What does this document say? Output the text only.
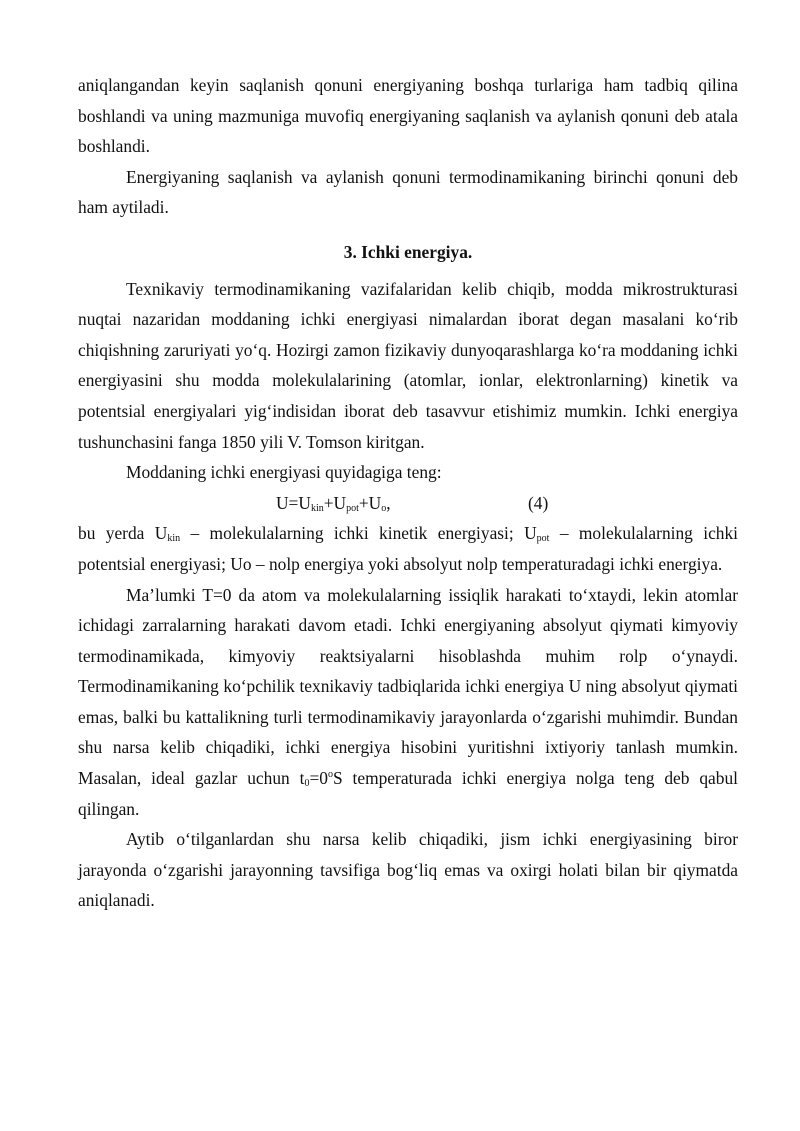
aniqlangandan keyin saqlanish qonuni energiyaning boshqa turlariga ham tadbiq qilina boshlandi va uning mazmuniga muvofiq energiyaning saqlanish va aylanish qonuni deb atala boshlandi.

Energiyaning saqlanish va aylanish qonuni termodinamikaning birinchi qonuni deb ham aytiladi.

3. Ichki energiya.

Texnikaviy termodinamikaning vazifalaridan kelib chiqib, modda mikrostrukturasi nuqtai nazaridan moddaning ichki energiyasi nimalardan iborat degan masalani ko‘rib chiqishning zaruriyati yo‘q. Hozirgi zamon fizikaviy dunyoqarashlarga ko‘ra moddaning ichki energiyasini shu modda molekulalarining (atomlar, ionlar, elektronlarning) kinetik va potentsial energiyalari yig‘indisidan iborat deb tasavvur etishimiz mumkin. Ichki energiya tushunchasini fanga 1850 yili V. Tomson kiritgan.

Moddaning ichki energiyasi quyidagiga teng:

$U=U_{kin}+U_{pot}+U_o$,	(4)

bu yerda $U_{kin}$ – molekulalarning ichki kinetik energiyasi; $U_{pot}$ – molekulalarning ichki potentsial energiyasi; Uo – nolp energiya yoki absolyut nolp temperaturadagi ichki energiya.

Ma’lumki T=0 da atom va molekulalarning issiqlik harakati to‘xtaydi, lekin atomlar ichidagi zarralarning harakati davom etadi. Ichki energiyaning absolyut qiymati kimyoviy termodinamikada, kimyoviy reaktsiyalarni hisoblashda muhim rolp o‘ynaydi. Termodinamikaning ko‘pchilik texnikaviy tadbiqlarida ichki energiya U ning absolyut qiymati emas, balki bu kattalikning turli termodinamikaviy jarayonlarda o‘zgarishi muhimdir. Bundan shu narsa kelib chiqadiki, ichki energiya hisobini yuritishni ixtiyoriy tanlash mumkin. Masalan, ideal gazlar uchun $t_0=0^oS$ temperaturada ichki energiya nolga teng deb qabul qilingan.

Aytib o‘tilganlardan shu narsa kelib chiqadiki, jism ichki energiyasining biror jarayonda o‘zgarishi jarayonning tavsifiga bog‘liq emas va oxirgi holati bilan bir qiymatda aniqlanadi.
